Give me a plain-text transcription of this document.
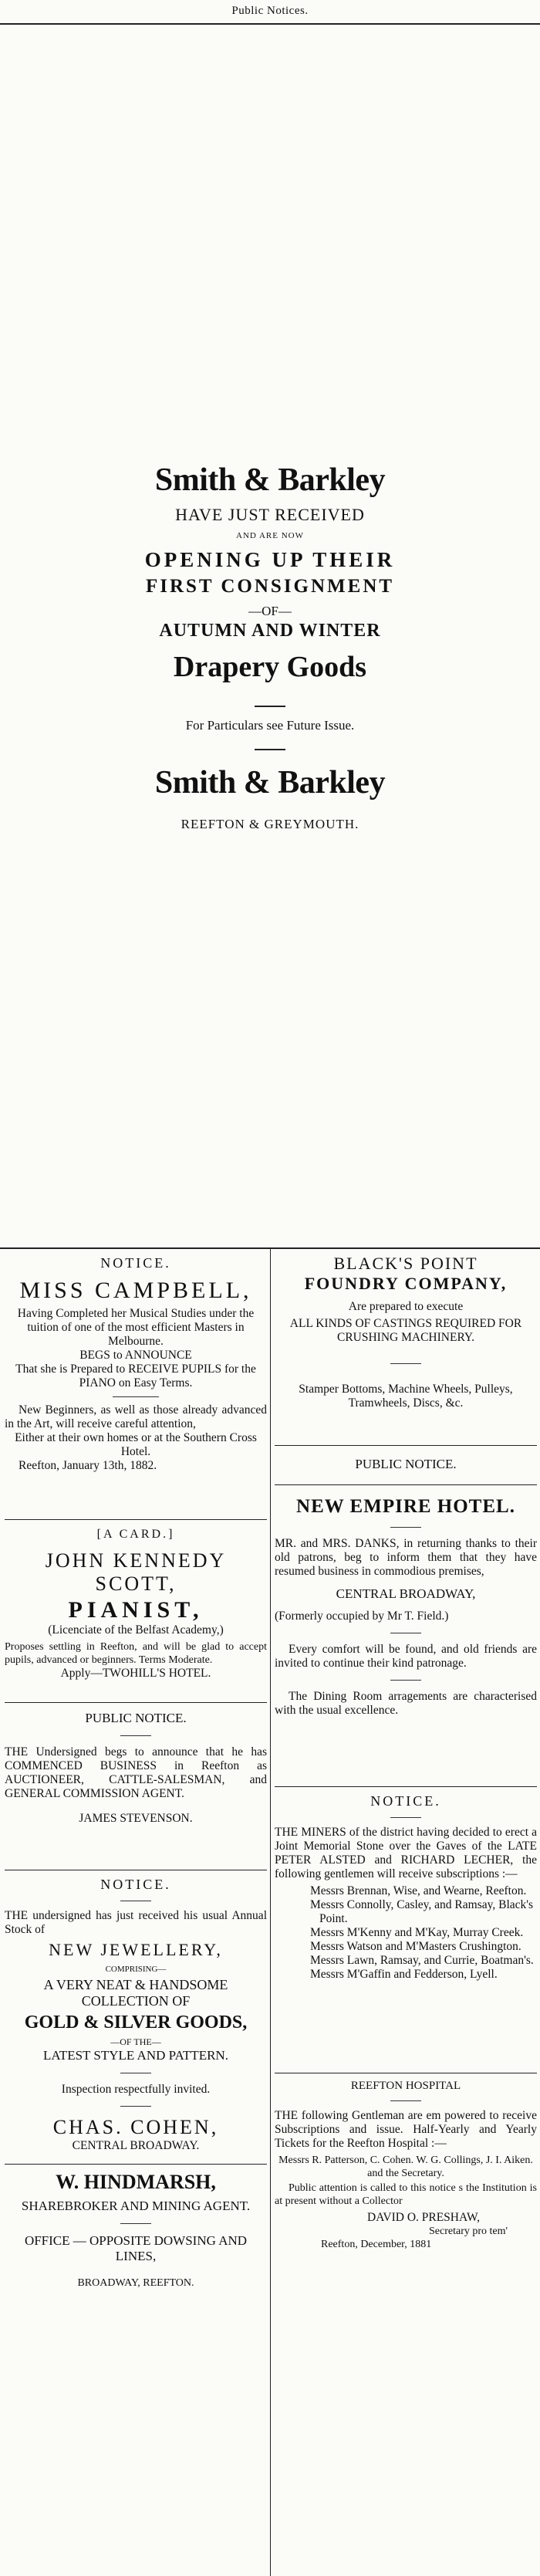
Public Notices.
Smith & Barkley
HAVE JUST RECEIVED
AND ARE NOW
OPENING UP THEIR
FIRST CONSIGNMENT
—OF—
AUTUMN AND WINTER
Drapery Goods
For Particulars see Future Issue.
Smith & Barkley
REEFTON & GREYMOUTH.
NOTICE.
MISS CAMPBELL,
Having Completed her Musical Studies under the tuition of one of the most efficient Masters in Melbourne.
BEGS to ANNOUNCE
That she is Prepared to RECEIVE PUPILS for the PIANO on Easy Terms.
New Beginners, as well as those already advanced in the Art, will receive careful attention,
Either at their own homes or at the Southern Cross Hotel.
Reefton, January 13th, 1882.
[A CARD.]
JOHN KENNEDY SCOTT,
PIANIST,
(Licenciate of the Belfast Academy,)
Proposes settling in Reefton, and will be glad to accept pupils, advanced or beginners. Terms Moderate.
Apply—TWOHILL'S HOTEL.
PUBLIC NOTICE.
THE Undersigned begs to announce that he has COMMENCED BUSINESS in Reefton as AUCTIONEER, CATTLE-SALESMAN, and GENERAL COMMISSION AGENT.
JAMES STEVENSON.
NOTICE.
THE undersigned has just received his usual Annual Stock of
NEW JEWELLERY,
COMPRISING—
A VERY NEAT & HANDSOME COLLECTION OF
GOLD & SILVER GOODS,
—OF THE—
LATEST STYLE AND PATTERN.
Inspection respectfully invited.
CHAS. COHEN,
CENTRAL BROADWAY.
W. HINDMARSH,
SHAREBROKER AND MINING AGENT.
OFFICE — OPPOSITE DOWSING AND LINES,
BROADWAY, REEFTON.
BLACK'S POINT
FOUNDRY COMPANY,
Are prepared to execute
ALL KINDS OF CASTINGS REQUIRED FOR CRUSHING MACHINERY.
Stamper Bottoms, Machine Wheels, Pulleys, Tramwheels, Discs, &c.
PUBLIC NOTICE.
NEW EMPIRE HOTEL.
MR. and MRS. DANKS, in returning thanks to their old patrons, beg to inform them that they have resumed business in commodious premises,
CENTRAL BROADWAY,
(Formerly occupied by Mr T. Field.)
Every comfort will be found, and old friends are invited to continue their kind patronage.
The Dining Room arragements are characterised with the usual excellence.
NOTICE.
THE MINERS of the district having decided to erect a Joint Memorial Stone over the Gaves of the LATE PETER ALSTED and RICHARD LECHER, the following gentlemen will receive subscriptions :—
Messrs Brennan, Wise, and Wearne, Reefton.
Messrs Connolly, Casley, and Ramsay, Black's Point.
Messrs M'Kenny and M'Kay, Murray Creek.
Messrs Watson and M'Masters Crushington.
Messrs Lawn, Ramsay, and Currie, Boatman's.
Messrs M'Gaffin and Fedderson, Lyell.
REEFTON HOSPITAL
THE following Gentleman are em powered to receive Subscriptions and issue. Half-Yearly and Yearly Tickets for the Reefton Hospital :—
Messrs R. Patterson, C. Cohen. W. G. Collings, J. I. Aiken. and the Secretary.
Public attention is called to this notice s the Institution is at present without a Collector
DAVID O. PRESHAW,
Secretary pro tem'
Reefton, December, 1881
